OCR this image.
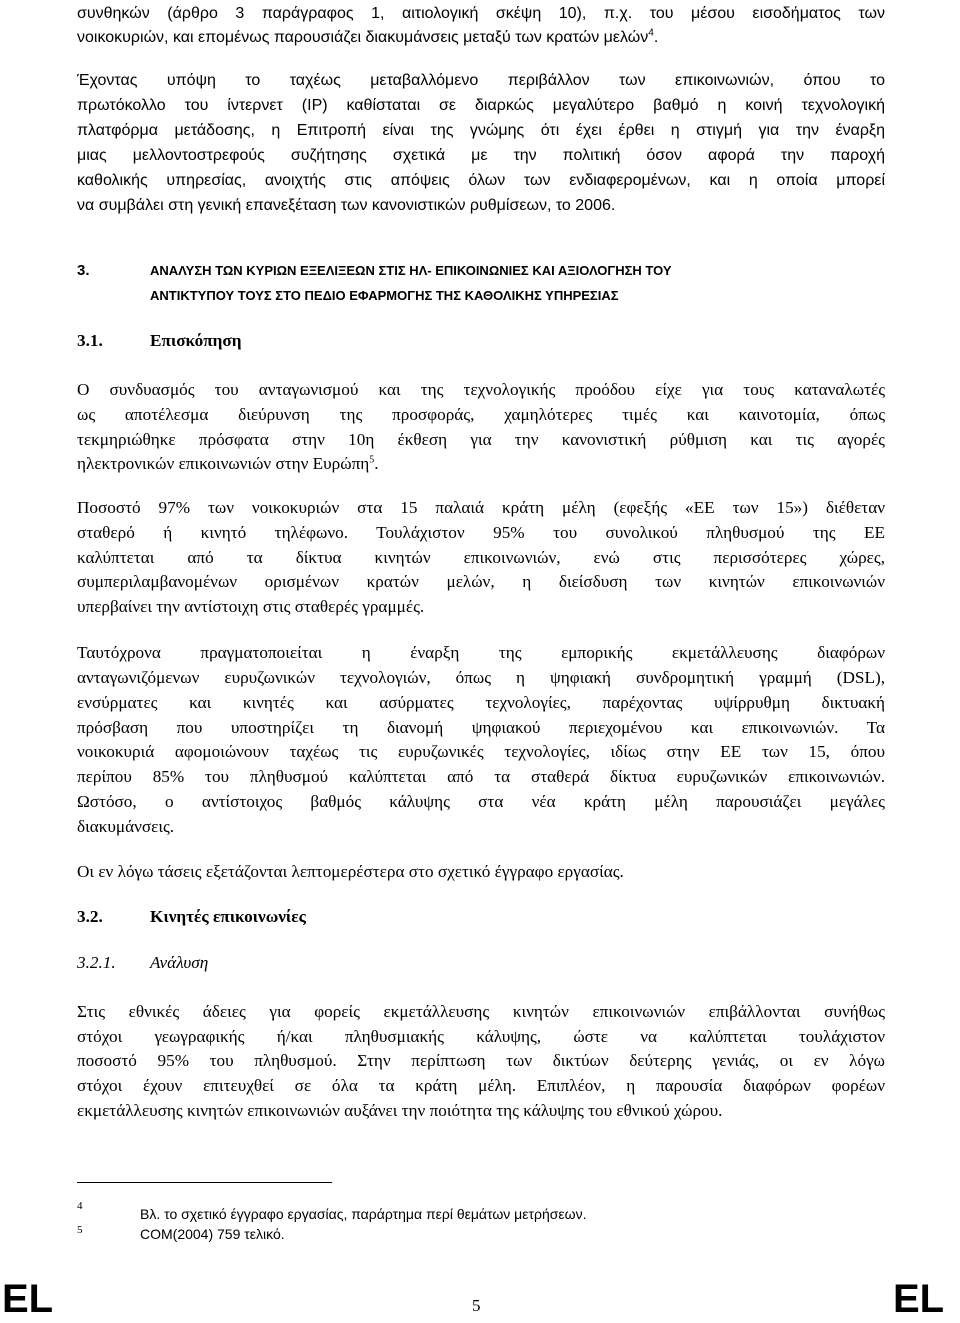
συνθηκών (άρθρο 3 παράγραφος 1, αιτιολογική σκέψη 10), π.χ. του μέσου εισοδήματος των
νοικοκυριών, και επομένως παρουσιάζει διακυμάνσεις μεταξύ των κρατών μελών$^4$.
Έχοντας υπόψη το ταχέως μεταβαλλόμενο περιβάλλον των επικοινωνιών, όπου το
πρωτόκολλο του ίντερνετ (IP) καθίσταται σε διαρκώς μεγαλύτερο βαθμό η κοινή τεχνολογική
πλατφόρμα μετάδοσης, η Επιτροπή είναι της γνώμης ότι έχει έρθει η στιγμή για την έναρξη
μιας μελλοντοστρεφούς συζήτησης σχετικά με την πολιτική όσον αφορά την παροχή
καθολικής υπηρεσίας, ανοιχτής στις απόψεις όλων των ενδιαφερομένων, και η οποία μπορεί
να συμβάλει στη γενική επανεξέταση των κανονιστικών ρυθμίσεων, το 2006.
3.	ΑΝΑΛΥΣΗ ΤΩΝ ΚΥΡΙΩΝ ΕΞΕΛΙΞΕΩΝ ΣΤΙΣ ΗΛ- ΕΠΙΚΟΙΝΩΝΙΕΣ ΚΑΙ ΑΞΙΟΛΟΓΗΣΗ ΤΟΥ
ΑΝΤΙΚΤΥΠΟΥ ΤΟΥΣ ΣΤΟ ΠΕΔΙΟ ΕΦΑΡΜΟΓΗΣ ΤΗΣ ΚΑΘΟΛΙΚΗΣ ΥΠΗΡΕΣΙΑΣ
3.1.	Επισκόπηση
Ο συνδυασμός του ανταγωνισμού και της τεχνολογικής προόδου είχε για τους καταναλωτές
ως αποτέλεσμα διεύρυνση της προσφοράς, χαμηλότερες τιμές και καινοτομία, όπως
τεκμηριώθηκε πρόσφατα στην 10η έκθεση για την κανονιστική ρύθμιση και τις αγορές
ηλεκτρονικών επικοινωνιών στην Ευρώπη$^5$.
Ποσοστό 97% των νοικοκυριών στα 15 παλαιά κράτη μέλη (εφεξής «ΕΕ των 15») διέθεταν
σταθερό ή κινητό τηλέφωνο. Τουλάχιστον 95% του συνολικού πληθυσμού της ΕΕ
καλύπτεται από τα δίκτυα κινητών επικοινωνιών, ενώ στις περισσότερες χώρες,
συμπεριλαμβανομένων ορισμένων κρατών μελών, η διείσδυση των κινητών επικοινωνιών
υπερβαίνει την αντίστοιχη στις σταθερές γραμμές.
Ταυτόχρονα πραγματοποιείται η έναρξη της εμπορικής εκμετάλλευσης διαφόρων
ανταγωνιζόμενων ευρυζωνικών τεχνολογιών, όπως η ψηφιακή συνδρομητική γραμμή (DSL),
ενσύρματες και κινητές και ασύρματες τεχνολογίες, παρέχοντας υψίρρυθμη δικτυακή
πρόσβαση που υποστηρίζει τη διανομή ψηφιακού περιεχομένου και επικοινωνιών. Τα
νοικοκυριά αφομοιώνουν ταχέως τις ευρυζωνικές τεχνολογίες, ιδίως στην ΕΕ των 15, όπου
περίπου 85% του πληθυσμού καλύπτεται από τα σταθερά δίκτυα ευρυζωνικών επικοινωνιών.
Ωστόσο, ο αντίστοιχος βαθμός κάλυψης στα νέα κράτη μέλη παρουσιάζει μεγάλες
διακυμάνσεις.
Οι εν λόγω τάσεις εξετάζονται λεπτομερέστερα στο σχετικό έγγραφο εργασίας.
3.2.	Κινητές επικοινωνίες
3.2.1. Ανάλυση
Στις εθνικές άδειες για φορείς εκμετάλλευσης κινητών επικοινωνιών επιβάλλονται συνήθως
στόχοι γεωγραφικής ή/και πληθυσμιακής κάλυψης, ώστε να καλύπτεται τουλάχιστον
ποσοστό 95% του πληθυσμού. Στην περίπτωση των δικτύων δεύτερης γενιάς, οι εν λόγω
στόχοι έχουν επιτευχθεί σε όλα τα κράτη μέλη. Επιπλέον, η παρουσία διαφόρων φορέων
εκμετάλλευσης κινητών επικοινωνιών αυξάνει την ποιότητα της κάλυψης του εθνικού χώρου.
4	Βλ. το σχετικό έγγραφο εργασίας, παράρτημα περί θεμάτων μετρήσεων.
5	COM(2004) 759 τελικό.
EL	5	EL
